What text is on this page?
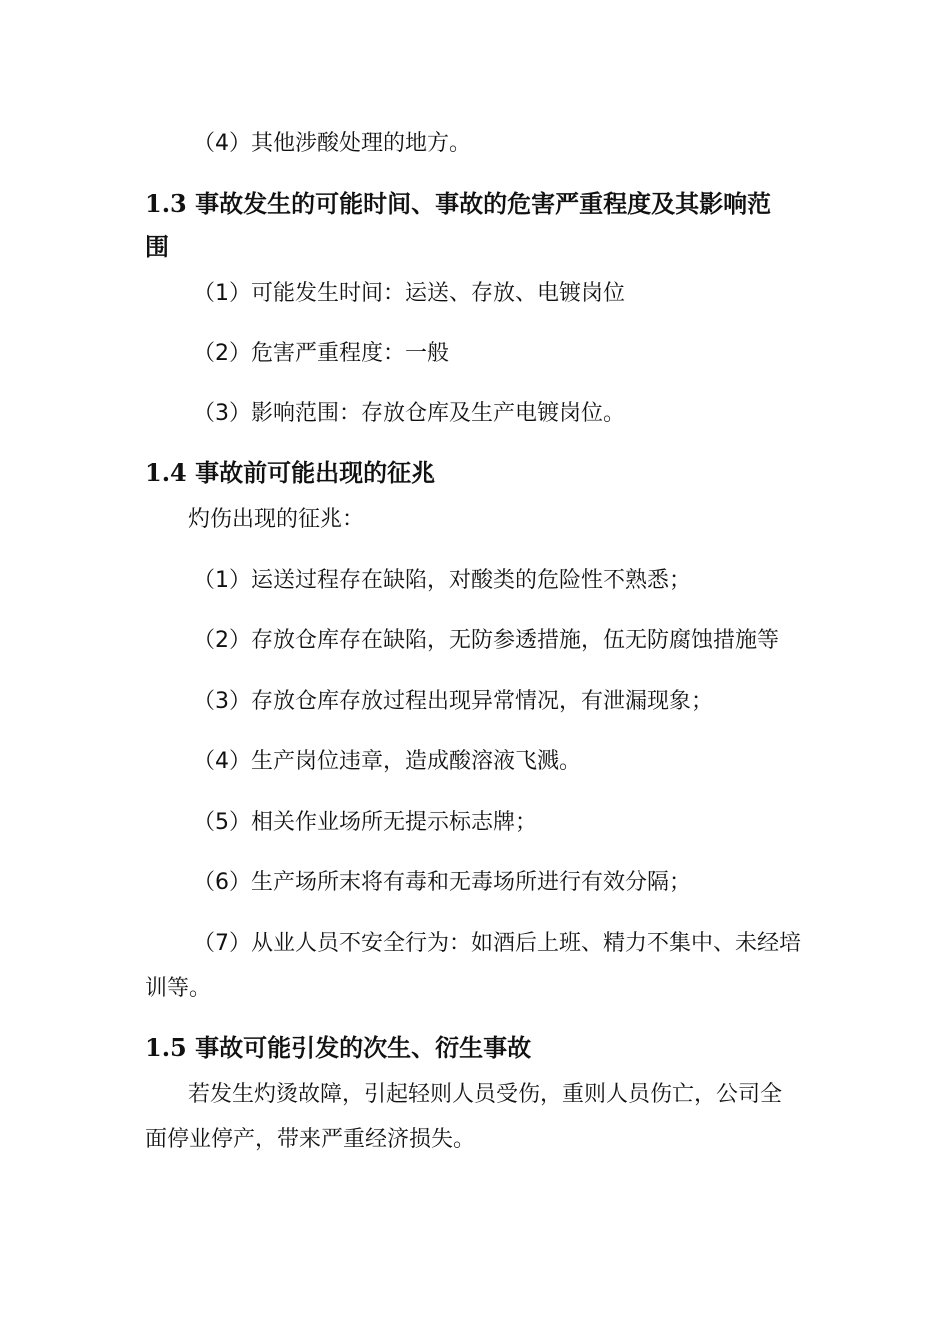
（4）其他涉酸处理的地方。
1.3 事故发生的可能时间、事故的危害严重程度及其影响范
围
（1）可能发生时间：运送、存放、电镀岗位
（2）危害严重程度：一般
（3）影响范围：存放仓库及生产电镀岗位。
1.4 事故前可能出现的征兆
灼伤出现的征兆：
（1）运送过程存在缺陷，对酸类的危险性不熟悉；
（2）存放仓库存在缺陷，无防参透措施，伍无防腐蚀措施等
（3）存放仓库存放过程出现异常情况，有泄漏现象；
（4）生产岗位违章，造成酸溶液飞溅。
（5）相关作业场所无提示标志牌；
（6）生产场所末将有毒和无毒场所进行有效分隔；
（7）从业人员不安全行为：如酒后上班、精力不集中、未经培
训等。
1.5 事故可能引发的次生、衍生事故
若发生灼烫故障，引起轻则人员受伤，重则人员伤亡，公司全
面停业停产，带来严重经济损失。
